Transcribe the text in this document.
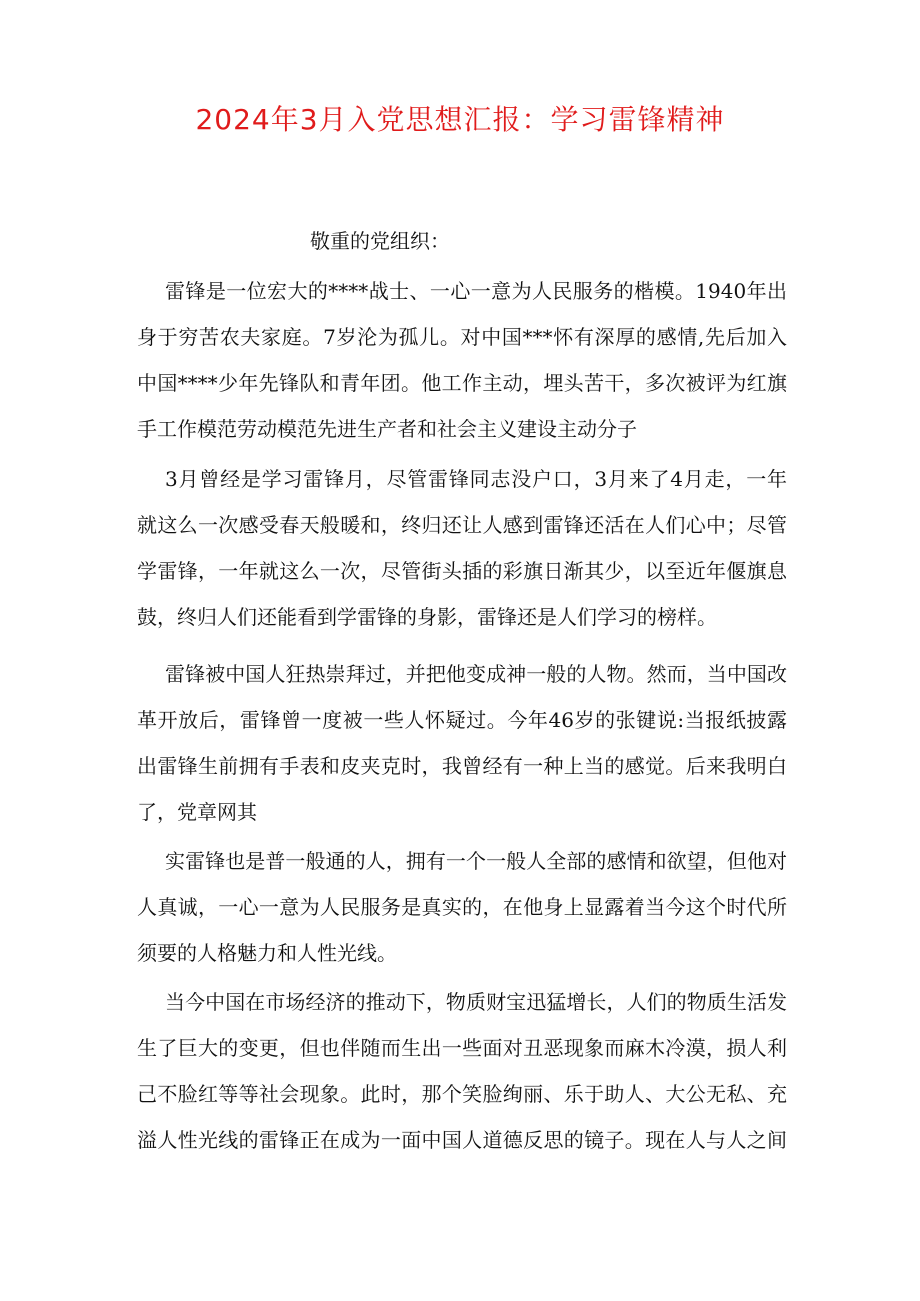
2024年3月入党思想汇报：学习雷锋精神
敬重的党组织：
雷锋是一位宏大的****战士、一心一意为人民服务的楷模。1940年出
身于穷苦农夫家庭。7岁沦为孤儿。对中国***怀有深厚的感情,先后加入
中国****少年先锋队和青年团。他工作主动，埋头苦干，多次被评为红旗
手工作模范劳动模范先进生产者和社会主义建设主动分子
3月曾经是学习雷锋月，尽管雷锋同志没户口，3月来了4月走，一年
就这么一次感受春天般暖和，终归还让人感到雷锋还活在人们心中；尽管
学雷锋，一年就这么一次，尽管街头插的彩旗日渐其少，以至近年偃旗息
鼓，终归人们还能看到学雷锋的身影，雷锋还是人们学习的榜样。
雷锋被中国人狂热崇拜过，并把他变成神一般的人物。然而，当中国改
革开放后，雷锋曾一度被一些人怀疑过。今年46岁的张键说:当报纸披露
出雷锋生前拥有手表和皮夹克时，我曾经有一种上当的感觉。后来我明白
了，党章网其
实雷锋也是普一般通的人，拥有一个一般人全部的感情和欲望，但他对
人真诚，一心一意为人民服务是真实的，在他身上显露着当今这个时代所
须要的人格魅力和人性光线。
当今中国在市场经济的推动下，物质财宝迅猛增长，人们的物质生活发
生了巨大的变更，但也伴随而生出一些面对丑恶现象而麻木冷漠，损人利
己不脸红等等社会现象。此时，那个笑脸绚丽、乐于助人、大公无私、充
溢人性光线的雷锋正在成为一面中国人道德反思的镜子。现在人与人之间
